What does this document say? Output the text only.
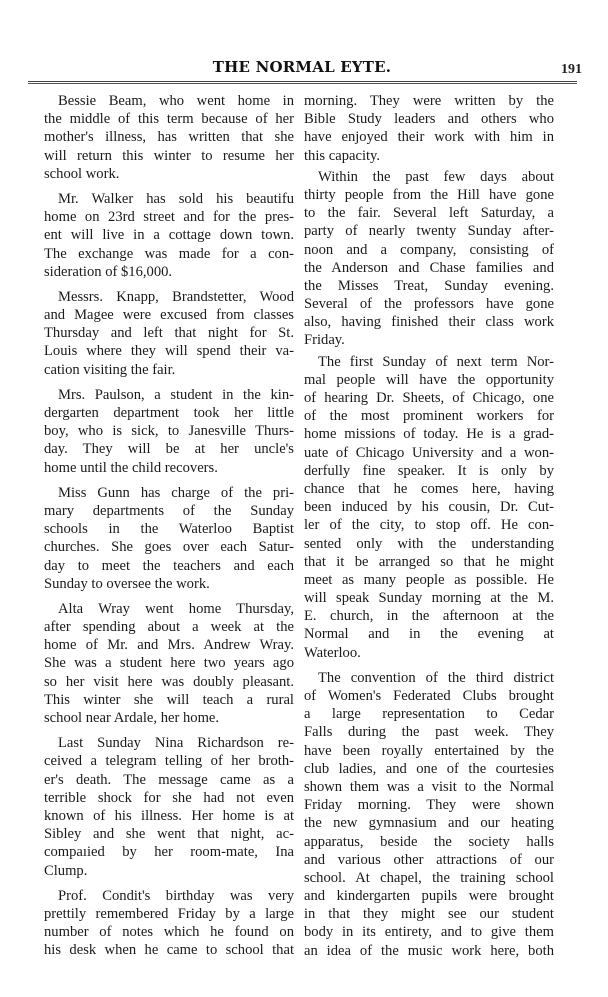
THE NORMAL EYTE.	191
Bessie Beam, who went home in
the middle of this term because of her
mother's illness, has written that she
will return this winter to resume her
school work.
Mr. Walker has sold his beautifu
home on 23rd street and for the pres-
ent will live in a cottage down town.
The exchange was made for a con-
sideration of $16,000.
Messrs. Knapp, Brandstetter, Wood
and Magee were excused from classes
Thursday and left that night for St.
Louis where they will spend their va-
cation visiting the fair.
Mrs. Paulson, a student in the kin-
dergarten department took her little
boy, who is sick, to Janesville Thurs-
day. They will be at her uncle's
home until the child recovers.
Miss Gunn has charge of the pri-
mary departments of the Sunday
schools in the Waterloo Baptist
churches. She goes over each Satur-
day to meet the teachers and each
Sunday to oversee the work.
Alta Wray went home Thursday,
after spending about a week at the
home of Mr. and Mrs. Andrew Wray.
She was a student here two years ago
so her visit here was doubly pleasant.
This winter she will teach a rural
school near Ardale, her home.
Last Sunday Nina Richardson re-
ceived a telegram telling of her broth-
er's death. The message came as a
terrible shock for she had not even
known of his illness. Her home is at
Sibley and she went that night, ac-
compaıied by her room-mate, Ina
Clump.
Prof. Condit's birthday was very
prettily remembered Friday by a large
number of notes which he found on
his desk when he came to school that
morning. They were written by the
Bible Study leaders and others who
have enjoyed their work with him in
this capacity.
Within the past few days about
thirty people from the Hill have gone
to the fair. Several left Saturday, a
party of nearly twenty Sunday after-
noon and a company, consisting of
the Anderson and Chase families and
the Misses Treat, Sunday evening.
Several of the professors have gone
also, having finished their class work
Friday.
The first Sunday of next term Nor-
mal people will have the opportunity
of hearing Dr. Sheets, of Chicago, one
of the most prominent workers for
home missions of today. He is a grad-
uate of Chicago University and a won-
derfully fine speaker. It is only by
chance that he comes here, having
been induced by his cousin, Dr. Cut-
ler of the city, to stop off. He con-
sented only with the understanding
that it be arranged so that he might
meet as many people as possible. He
will speak Sunday morning at the M.
E. church, in the afternoon at the
Normal and in the evening at
Waterloo.
The convention of the third district
of Women's Federated Clubs brought
a large representation to Cedar
Falls during the past week. They
have been royally entertained by the
club ladies, and one of the courtesies
shown them was a visit to the Normal
Friday morning. They were shown
the new gymnasium and our heating
apparatus, beside the society halls
and various other attractions of our
school. At chapel, the training school
and kindergarten pupils were brought
in that they might see our student
body in its entirety, and to give them
an idea of the music work here, both
